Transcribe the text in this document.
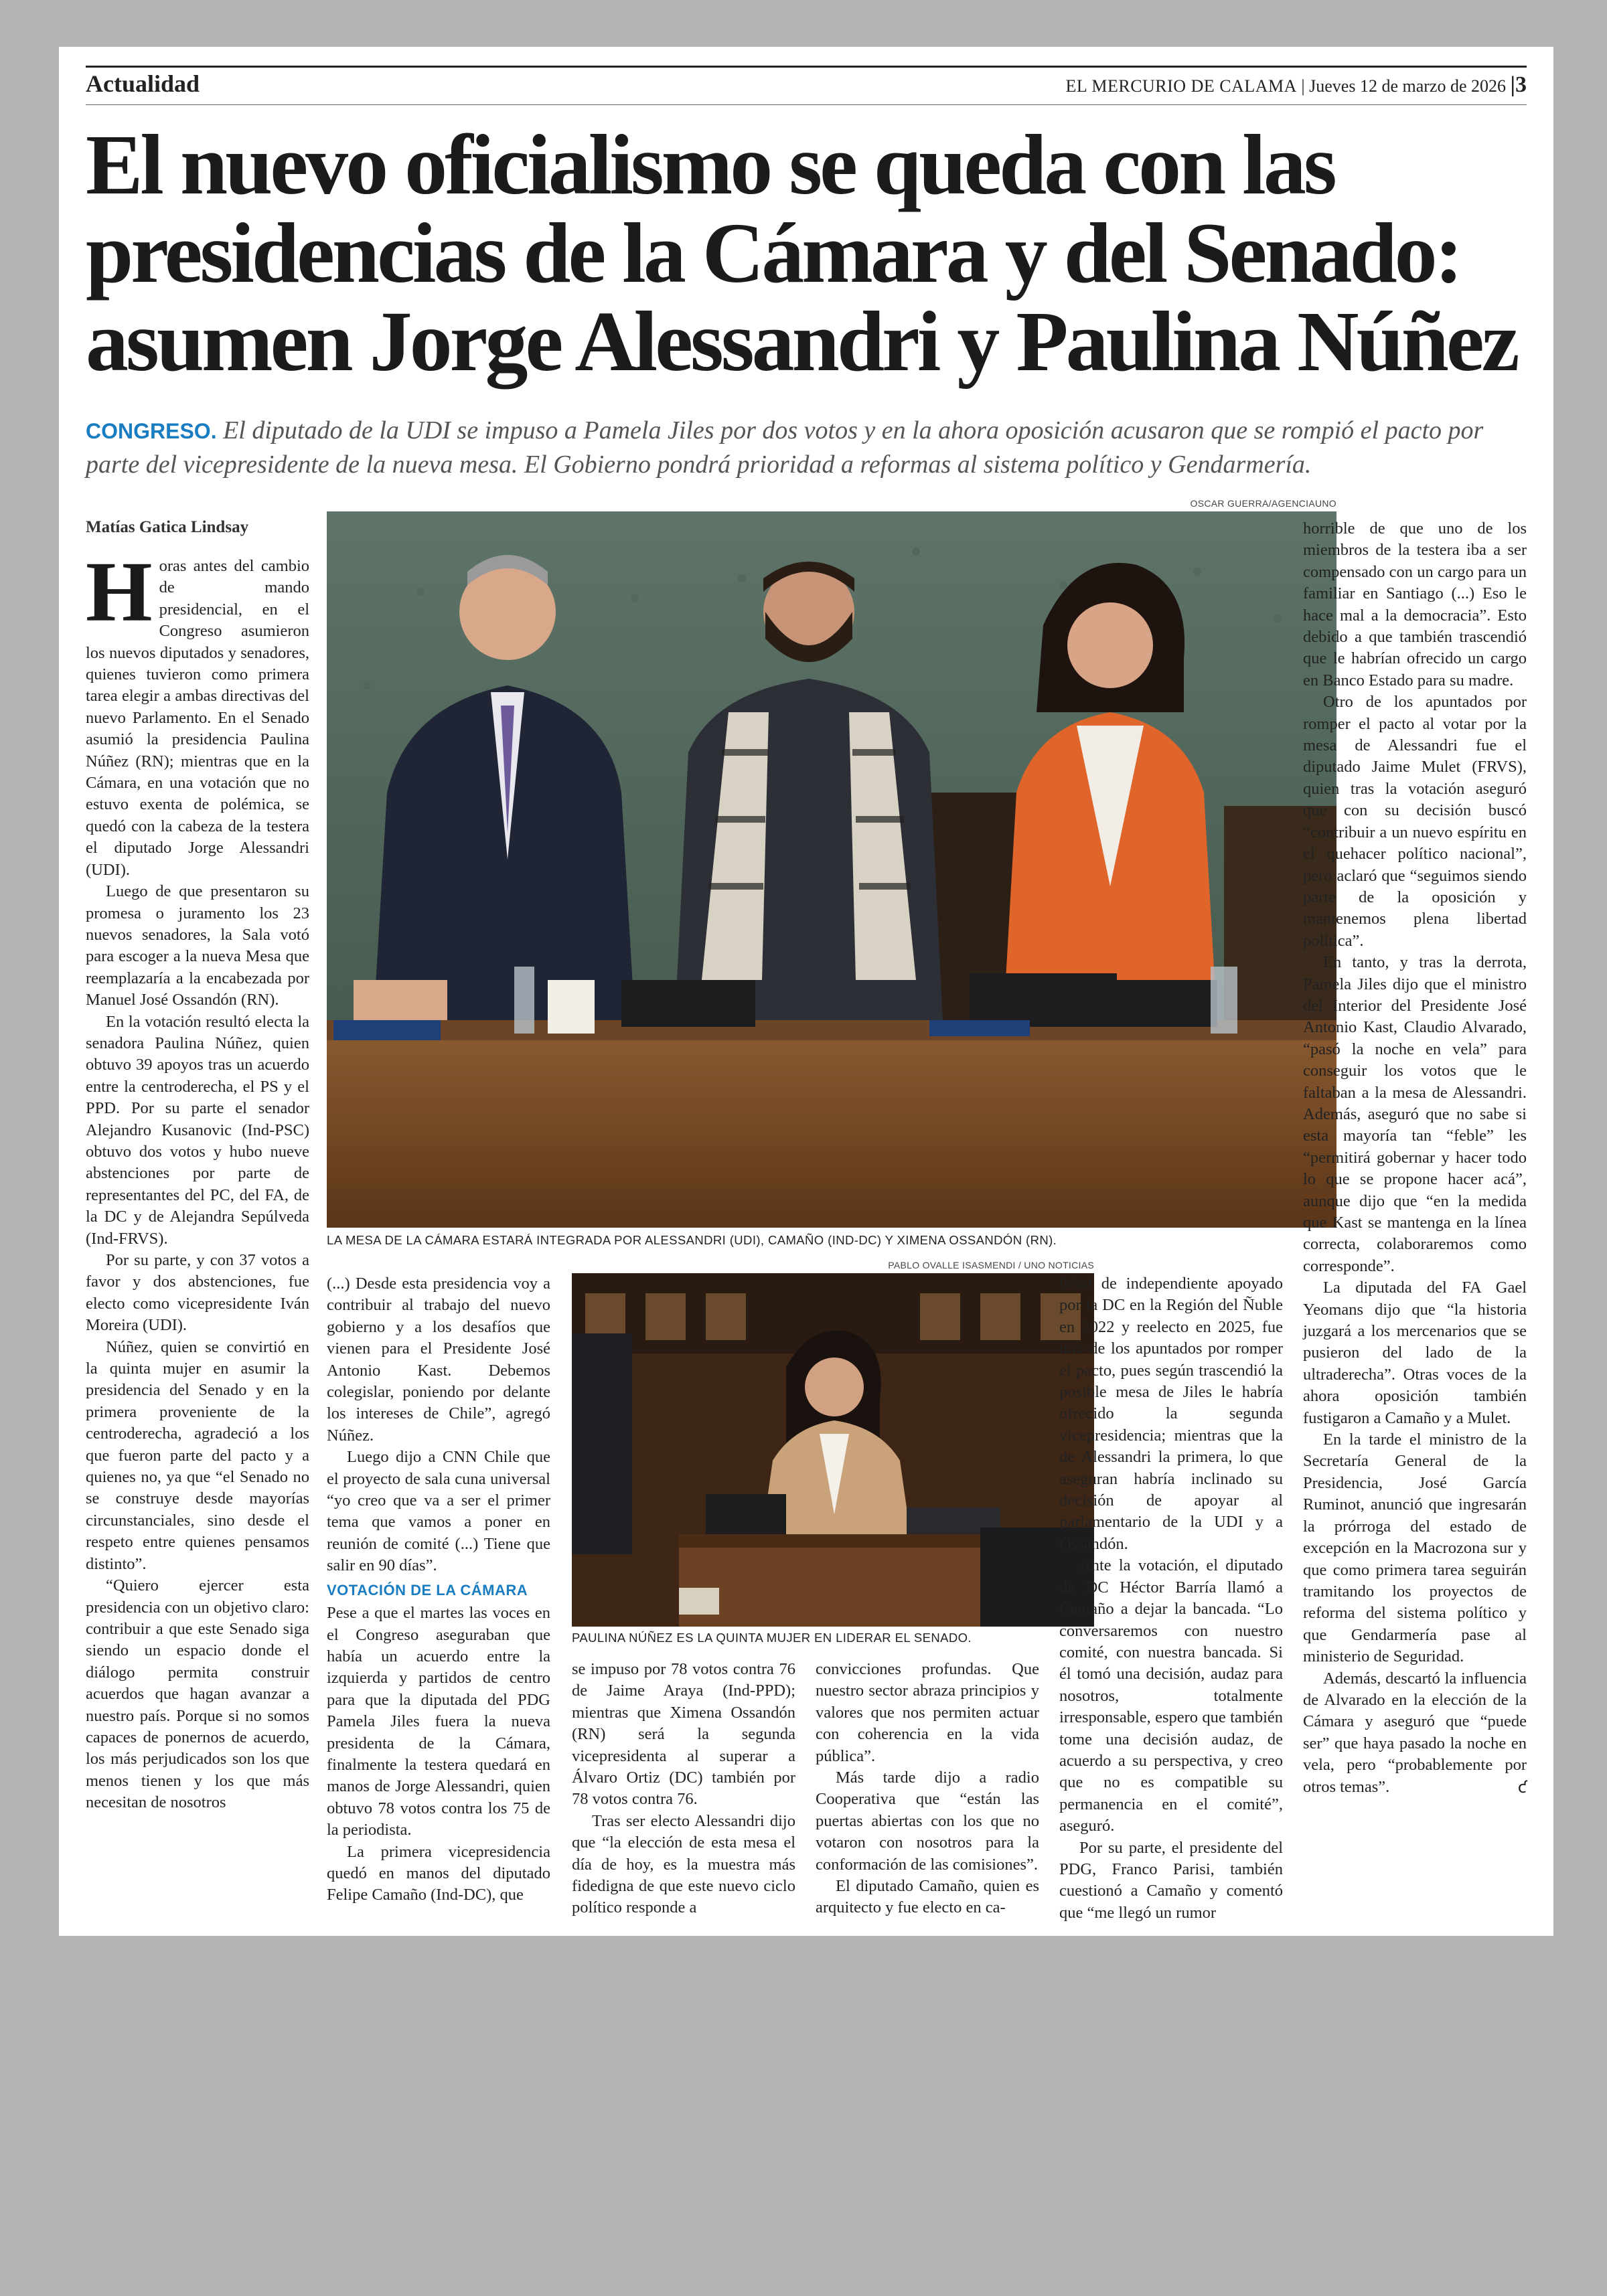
Actualidad	EL MERCURIO DE CALAMA | Jueves 12 de marzo de 2026 |3
El nuevo oficialismo se queda con las
presidencias de la Cámara y del Senado:
asumen Jorge Alessandri y Paulina Núñez
CONGRESO. El diputado de la UDI se impuso a Pamela Jiles por dos votos y en la ahora oposición acusaron que se rompió el pacto por parte del vicepresidente de la nueva mesa. El Gobierno pondrá prioridad a reformas al sistema político y Gendarmería.
Matías Gatica Lindsay

Horas antes del cambio de mando presidencial, en el Congreso asumieron los nuevos diputados y senadores, quienes tuvieron como primera tarea elegir a ambas directivas del nuevo Parlamento. En el Senado asumió la presidencia Paulina Núñez (RN); mientras que en la Cámara, en una votación que no estuvo exenta de polémica, se quedó con la cabeza de la testera el diputado Jorge Alessandri (UDI).

Luego de que presentaron su promesa o juramento los 23 nuevos senadores, la Sala votó para escoger a la nueva Mesa que reemplazaría a la encabezada por Manuel José Ossandón (RN).

En la votación resultó electa la senadora Paulina Núñez, quien obtuvo 39 apoyos tras un acuerdo entre la centroderecha, el PS y el PPD. Por su parte el senador Alejandro Kusanovic (Ind-PSC) obtuvo dos votos y hubo nueve abstenciones por parte de representantes del PC, del FA, de la DC y de Alejandra Sepúlveda (Ind-FRVS).

Por su parte, y con 37 votos a favor y dos abstenciones, fue electo como vicepresidente Iván Moreira (UDI).

Núñez, quien se convirtió en la quinta mujer en asumir la presidencia del Senado y en la primera proveniente de la centroderecha, agradeció a los que fueron parte del pacto y a quienes no, ya que “el Senado no se construye desde mayorías circunstanciales, sino desde el respeto entre quienes pensamos distinto”.

“Quiero ejercer esta presidencia con un objetivo claro: contribuir a que este Senado siga siendo un espacio donde el diálogo permita construir acuerdos que hagan avanzar a nuestro país. Porque si no somos capaces de ponernos de acuerdo, los más perjudicados son los que menos tienen y los que más necesitan de nosotros

OSCAR GUERRA/AGENCIAUNO
LA MESA DE LA CÁMARA ESTARÁ INTEGRADA POR ALESSANDRI (UDI), CAMAÑO (IND-DC) Y XIMENA OSSANDÓN (RN).

(...) Desde esta presidencia voy a contribuir al trabajo del nuevo gobierno y a los desafíos que vienen para el Presidente José Antonio Kast. Debemos colegislar, poniendo por delante los intereses de Chile”, agregó Núñez.

Luego dijo a CNN Chile que el proyecto de sala cuna universal “yo creo que va a ser el primer tema que vamos a poner en reunión de comité (...) Tiene que salir en 90 días”.

VOTACIÓN DE LA CÁMARA

Pese a que el martes las voces en el Congreso aseguraban que había un acuerdo entre la izquierda y partidos de centro para que la diputada del PDG Pamela Jiles fuera la nueva presidenta de la Cámara, finalmente la testera quedará en manos de Jorge Alessandri, quien obtuvo 78 votos contra los 75 de la periodista.

La primera vicepresidencia quedó en manos del diputado Felipe Camaño (Ind-DC), que

PABLO OVALLE ISASMENDI / UNO NOTICIAS
PAULINA NÚÑEZ ES LA QUINTA MUJER EN LIDERAR EL SENADO.

se impuso por 78 votos contra 76 de Jaime Araya (Ind-PPD); mientras que Ximena Ossandón (RN) será la segunda vicepresidenta al superar a Álvaro Ortiz (DC) también por 78 votos contra 76.

Tras ser electo Alessandri dijo que “la elección de esta mesa el día de hoy, es la muestra más fidedigna de que este nuevo ciclo político responde a

convicciones profundas. Que nuestro sector abraza principios y valores que nos permiten actuar con coherencia en la vida pública”.

Más tarde dijo a radio Cooperativa que “están las puertas abiertas con los que no votaron con nosotros para la conformación de las comisiones”.

El diputado Camaño, quien es arquitecto y fue electo en ca-

lidad de independiente apoyado por la DC en la Región del Ñuble en 2022 y reelecto en 2025, fue uno de los apuntados por romper el pacto, pues según trascendió la posible mesa de Jiles le habría ofrecido la segunda vicepresidencia; mientras que la de Alessandri la primera, lo que aseguran habría inclinado su decisión de apoyar al parlamentario de la UDI y a Ossandón.

Ante la votación, el diputado de DC Héctor Barría llamó a Camaño a dejar la bancada. “Lo conversaremos con nuestro comité, con nuestra bancada. Si él tomó una decisión, audaz para nosotros, totalmente irresponsable, espero que también tome una decisión audaz, de acuerdo a su perspectiva, y creo que no es compatible su permanencia en el comité”, aseguró.

Por su parte, el presidente del PDG, Franco Parisi, también cuestionó a Camaño y comentó que “me llegó un rumor

horrible de que uno de los miembros de la testera iba a ser compensado con un cargo para un familiar en Santiago (...) Eso le hace mal a la democracia”. Esto debido a que también trascendió que le habrían ofrecido un cargo en Banco Estado para su madre.

Otro de los apuntados por romper el pacto al votar por la mesa de Alessandri fue el diputado Jaime Mulet (FRVS), quien tras la votación aseguró que con su decisión buscó “contribuir a un nuevo espíritu en el quehacer político nacional”, pero aclaró que “seguimos siendo parte de la oposición y mantenemos plena libertad política”.

En tanto, y tras la derrota, Pamela Jiles dijo que el ministro del Interior del Presidente José Antonio Kast, Claudio Alvarado, “pasó la noche en vela” para conseguir los votos que le faltaban a la mesa de Alessandri. Además, aseguró que no sabe si esta mayoría tan “feble” les “permitirá gobernar y hacer todo lo que se propone hacer acá”, aunque dijo que “en la medida que Kast se mantenga en la línea correcta, colaboraremos como corresponde”.

La diputada del FA Gael Yeomans dijo que “la historia juzgará a los mercenarios que se pusieron del lado de la ultraderecha”. Otras voces de la ahora oposición también fustigaron a Camaño y a Mulet.

En la tarde el ministro de la Secretaría General de la Presidencia, José García Ruminot, anunció que ingresarán la prórroga del estado de excepción en la Macrozona sur y que como primera tarea seguirán tramitando los proyectos de reforma del sistema político y que Gendarmería pase al ministerio de Seguridad.

Además, descartó la influencia de Alvarado en la elección de la Cámara y aseguró que “puede ser” que haya pasado la noche en vela, pero “probablemente por otros temas”.	ƈ
